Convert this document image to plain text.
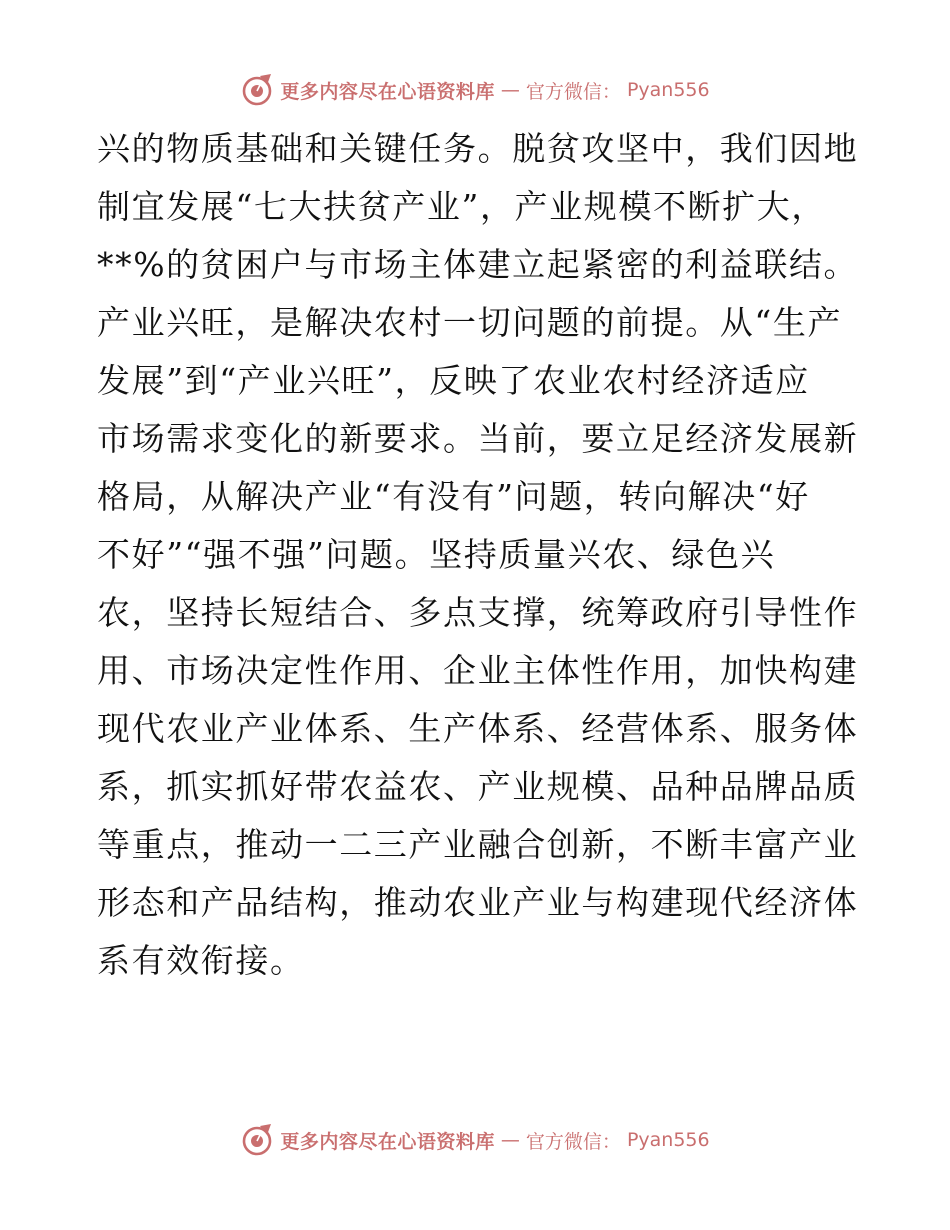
更多内容尽在心语资料库 — 官方微信： Pyan556
兴的物质基础和关键任务。脱贫攻坚中，我们因地
制宜发展“七大扶贫产业”，产业规模不断扩大，
**%的贫困户与市场主体建立起紧密的利益联结。
产业兴旺，是解决农村一切问题的前提。从“生产
发展”到“产业兴旺”，反映了农业农村经济适应
市场需求变化的新要求。当前，要立足经济发展新
格局，从解决产业“有没有”问题，转向解决“好
不好”“强不强”问题。坚持质量兴农、绿色兴
农，坚持长短结合、多点支撑，统筹政府引导性作
用、市场决定性作用、企业主体性作用，加快构建
现代农业产业体系、生产体系、经营体系、服务体
系，抓实抓好带农益农、产业规模、品种品牌品质
等重点，推动一二三产业融合创新，不断丰富产业
形态和产品结构，推动农业产业与构建现代经济体
系有效衔接。
更多内容尽在心语资料库 — 官方微信： Pyan556
